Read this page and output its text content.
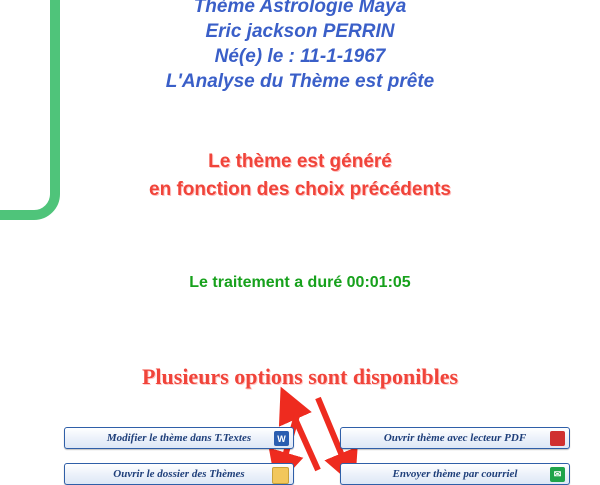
Thème Astrologie Maya
Eric jackson PERRIN
Né(e) le : 11-1-1967
L'Analyse du Thème est prête
Le thème est généré
en fonction des choix précédents
Le traitement a duré 00:01:05
Plusieurs options sont disponibles
Modifier le thème dans T.Textes	W	Ouvrir thème avec lecteur PDF
Ouvrir le dossier des Thèmes	Envoyer thème par courriel	✉
